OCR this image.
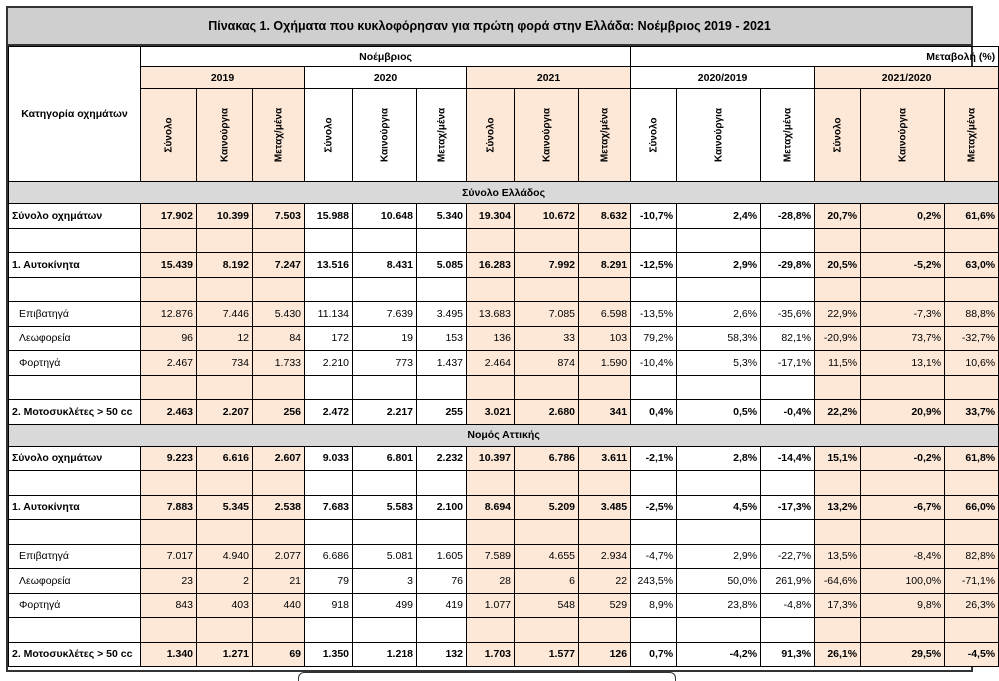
Πίνακας 1. Οχήματα που κυκλοφόρησαν για πρώτη φορά στην Ελλάδα: Νοέμβριος 2019 - 2021
Κατηγορία οχημάτων	Νοέμβριος									Μεταβολή (%)					
	2019			2020			2021			2020/2019			2021/2020		

	Σύνολο	Καινούργια	Μεταχ/μένα	Σύνολο	Καινούργια	Μεταχ/μένα	Σύνολο	Καινούργια	Μεταχ/μένα	Σύνολο	Καινούργια	Μεταχ/μένα	Σύνολο	Καινούργια	Μεταχ/μένα

Σύνολο Ελλάδος															
Σύνολο οχημάτων	17.902	10.399	7.503	15.988	10.648	5.340	19.304	10.672	8.632	-10,7%	2,4%	-28,8%	20,7%	0,2%	61,6%

1. Αυτοκίνητα	15.439	8.192	7.247	13.516	8.431	5.085	16.283	7.992	8.291	-12,5%	2,9%	-29,8%	20,5%	-5,2%	63,0%

Επιβατηγά	12.876	7.446	5.430	11.134	7.639	3.495	13.683	7.085	6.598	-13,5%	2,6%	-35,6%	22,9%	-7,3%	88,8%
Λεωφορεία	96	12	84	172	19	153	136	33	103	79,2%	58,3%	82,1%	-20,9%	73,7%	-32,7%
Φορτηγά	2.467	734	1.733	2.210	773	1.437	2.464	874	1.590	-10,4%	5,3%	-17,1%	11,5%	13,1%	10,6%

2. Μοτοσυκλέτες > 50 cc	2.463	2.207	256	2.472	2.217	255	3.021	2.680	341	0,4%	0,5%	-0,4%	22,2%	20,9%	33,7%
Νομός Αττικής															
Σύνολο οχημάτων	9.223	6.616	2.607	9.033	6.801	2.232	10.397	6.786	3.611	-2,1%	2,8%	-14,4%	15,1%	-0,2%	61,8%

1. Αυτοκίνητα	7.883	5.345	2.538	7.683	5.583	2.100	8.694	5.209	3.485	-2,5%	4,5%	-17,3%	13,2%	-6,7%	66,0%

Επιβατηγά	7.017	4.940	2.077	6.686	5.081	1.605	7.589	4.655	2.934	-4,7%	2,9%	-22,7%	13,5%	-8,4%	82,8%
Λεωφορεία	23	2	21	79	3	76	28	6	22	243,5%	50,0%	261,9%	-64,6%	100,0%	-71,1%
Φορτηγά	843	403	440	918	499	419	1.077	548	529	8,9%	23,8%	-4,8%	17,3%	9,8%	26,3%

2. Μοτοσυκλέτες > 50 cc	1.340	1.271	69	1.350	1.218	132	1.703	1.577	126	0,7%	-4,2%	91,3%	26,1%	29,5%	-4,5%
